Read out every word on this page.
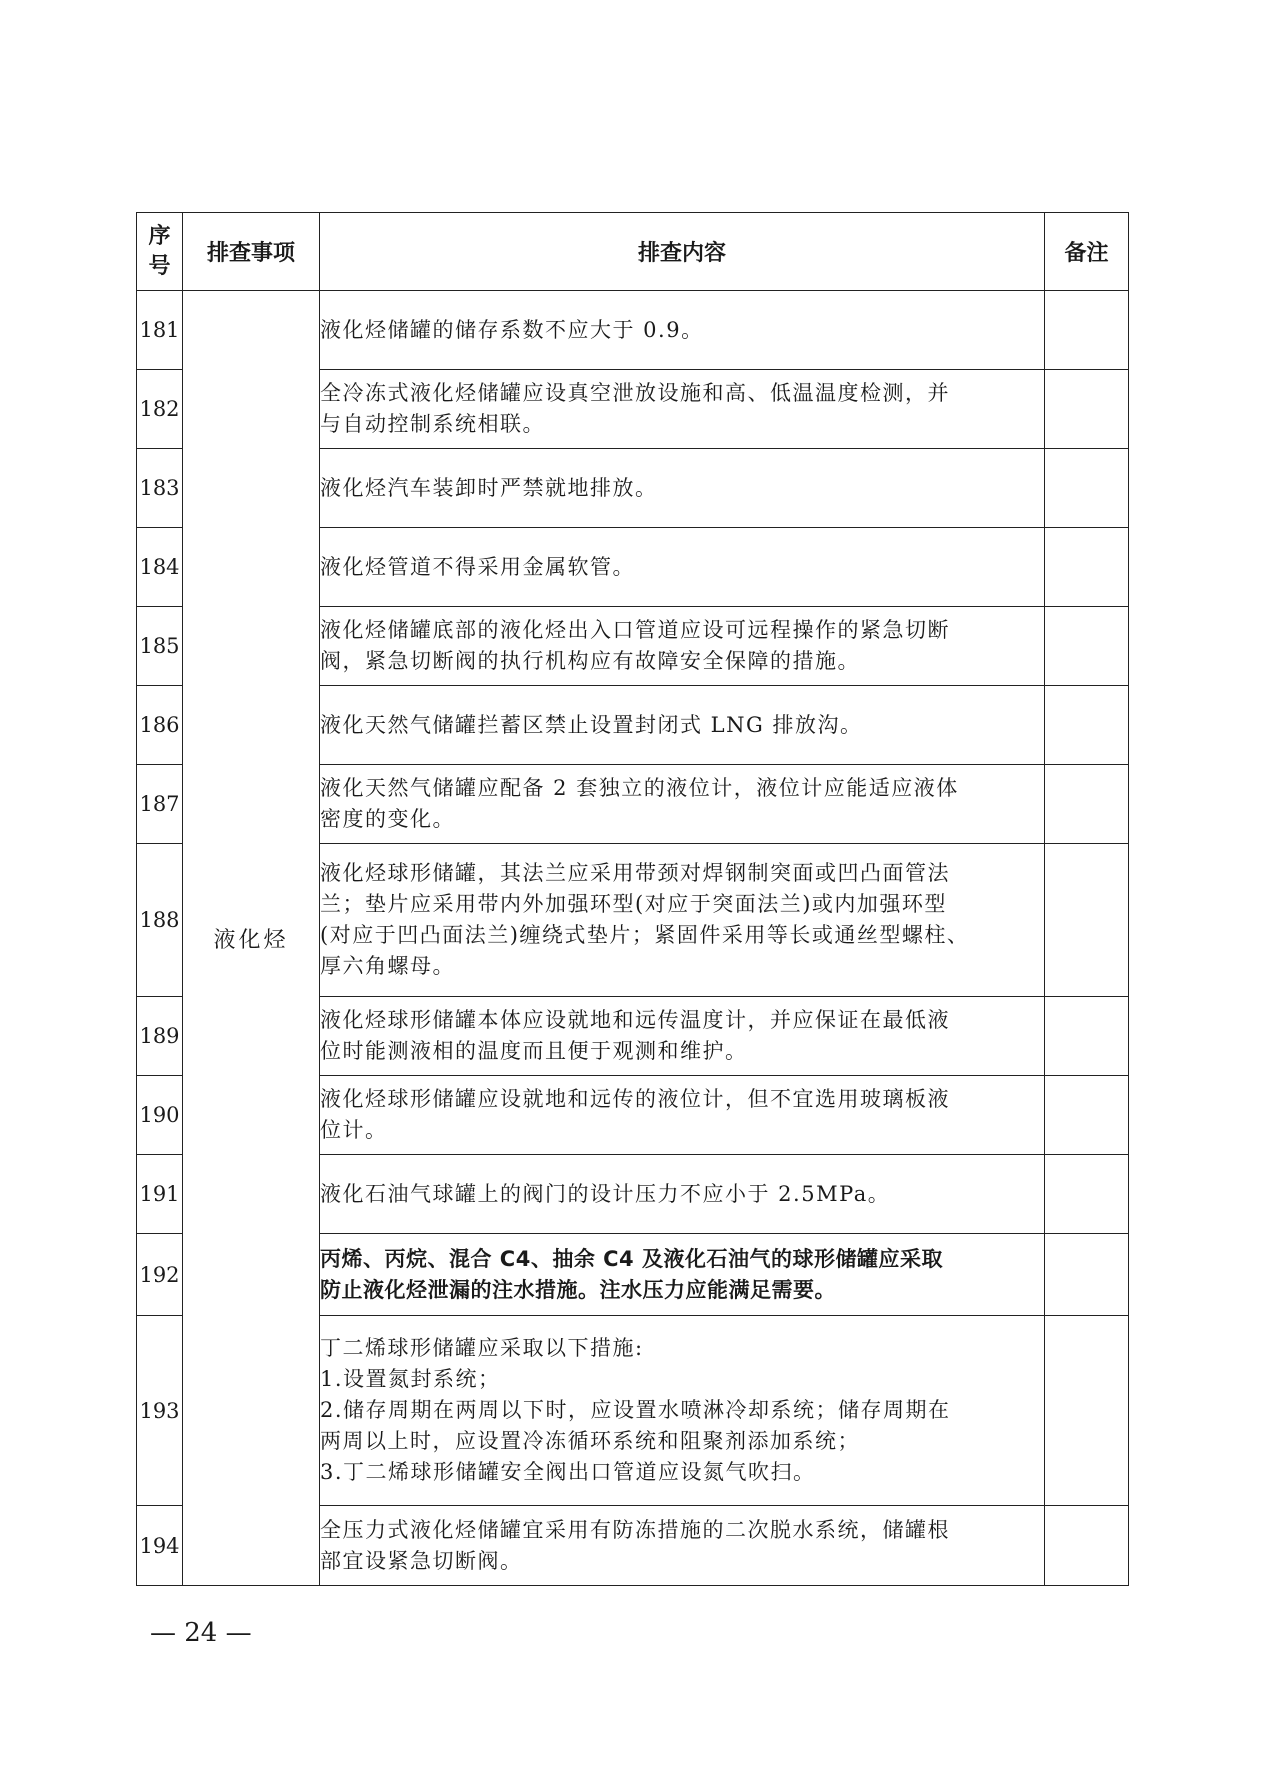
序
号	排查事项	排查内容	备注
181	液化烃	液化烃储罐的储存系数不应大于 0.9。	
182		全冷冻式液化烃储罐应设真空泄放设施和高、低温温度检测，并
与自动控制系统相联。	
183		液化烃汽车装卸时严禁就地排放。	
184		液化烃管道不得采用金属软管。	
185		液化烃储罐底部的液化烃出入口管道应设可远程操作的紧急切断
阀，紧急切断阀的执行机构应有故障安全保障的措施。	
186		液化天然气储罐拦蓄区禁止设置封闭式 LNG 排放沟。	
187		液化天然气储罐应配备 2 套独立的液位计，液位计应能适应液体
密度的变化。	
188		液化烃球形储罐，其法兰应采用带颈对焊钢制突面或凹凸面管法
兰；垫片应采用带内外加强环型(对应于突面法兰)或内加强环型
(对应于凹凸面法兰)缠绕式垫片；紧固件采用等长或通丝型螺柱、
厚六角螺母。	
189		液化烃球形储罐本体应设就地和远传温度计，并应保证在最低液
位时能测液相的温度而且便于观测和维护。	
190		液化烃球形储罐应设就地和远传的液位计，但不宜选用玻璃板液
位计。	
191		液化石油气球罐上的阀门的设计压力不应小于 2.5MPa。	
192		丙烯、丙烷、混合 C4、抽余 C4 及液化石油气的球形储罐应采取
防止液化烃泄漏的注水措施。注水压力应能满足需要。	
193		丁二烯球形储罐应采取以下措施:
1.设置氮封系统；
2.储存周期在两周以下时，应设置水喷淋冷却系统；储存周期在
两周以上时，应设置冷冻循环系统和阻聚剂添加系统；
3.丁二烯球形储罐安全阀出口管道应设氮气吹扫。	
194		全压力式液化烃储罐宜采用有防冻措施的二次脱水系统，储罐根
部宜设紧急切断阀。	
— 24 —
